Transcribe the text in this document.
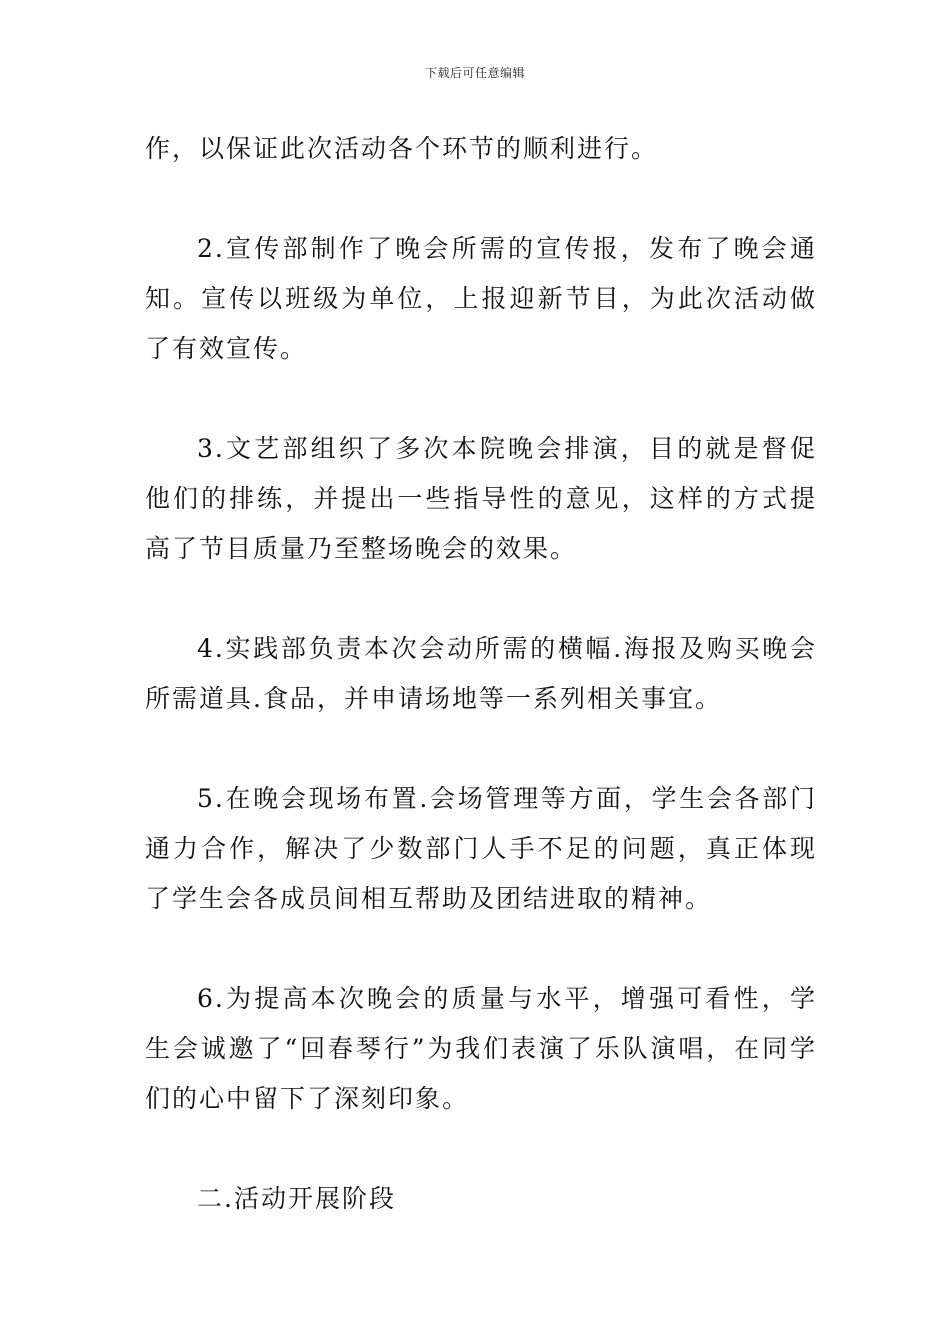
下载后可任意编辑

作，以保证此次活动各个环节的顺利进行。

2.宣传部制作了晚会所需的宣传报，发布了晚会通知。宣传以班级为单位，上报迎新节目，为此次活动做了有效宣传。

3.文艺部组织了多次本院晚会排演，目的就是督促他们的排练，并提出一些指导性的意见，这样的方式提高了节目质量乃至整场晚会的效果。

4.实践部负责本次会动所需的横幅.海报及购买晚会所需道具.食品，并申请场地等一系列相关事宜。

5.在晚会现场布置.会场管理等方面，学生会各部门通力合作，解决了少数部门人手不足的问题，真正体现了学生会各成员间相互帮助及团结进取的精神。

6.为提高本次晚会的质量与水平，增强可看性，学生会诚邀了“回春琴行”为我们表演了乐队演唱，在同学们的心中留下了深刻印象。

二.活动开展阶段
